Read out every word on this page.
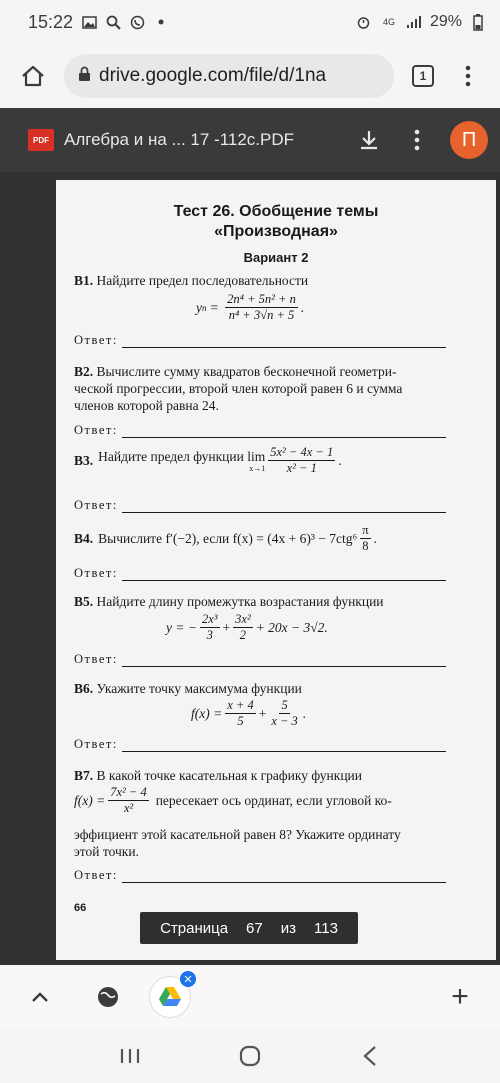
15:22	4G 29%
drive.google.com/file/d/1na	1
PDF Алгебра и на ... 17 -112с.PDF	П
Тест 26. Обобщение темы
«Производная»
Вариант 2
B1. Найдите предел последовательности
y $n = \frac{\text{2n⁴ + 5n² + n}}{\text{n⁴ + 3√n + 5}}$ .
Ответ:
B2. Вычислите сумму квадратов бесконечной геометри-
ческой прогрессии, второй член которой равен 6 и сумма
членов которой равна 24.
Ответ:
B3. Найдите предел функции lim
$x\to 1 \frac{\text{5x² − 4x − 1}}{\text{x² − 1}}$ .
Ответ:
B4. Вычислите f′(−2), если $f(x) = (4x + 6)^3 - 7ctg^6 \frac{\pi}{8}$ .
Ответ:
B5. Найдите длину промежутка возрастания функции
y = − $\frac{\text{2x³}}{3} + \frac{\text{3x²}}{2} + 20x - 3√2$.
Ответ:
B6. Укажите точку максимума функции
$f(x) = \frac{x + 4}{5} + \frac{5}{x - 3}$ .
Ответ:
B7. В какой точке касательная к графику функции
$f(x) = \frac{\text{7x² − 4}}{\text{x²}}$ пересекает ось ординат, если угловой ко-
эффициент этой касательной равен 8? Укажите ординату
этой точки.
Ответ:
66
Страница 67 из 113
✕
+
